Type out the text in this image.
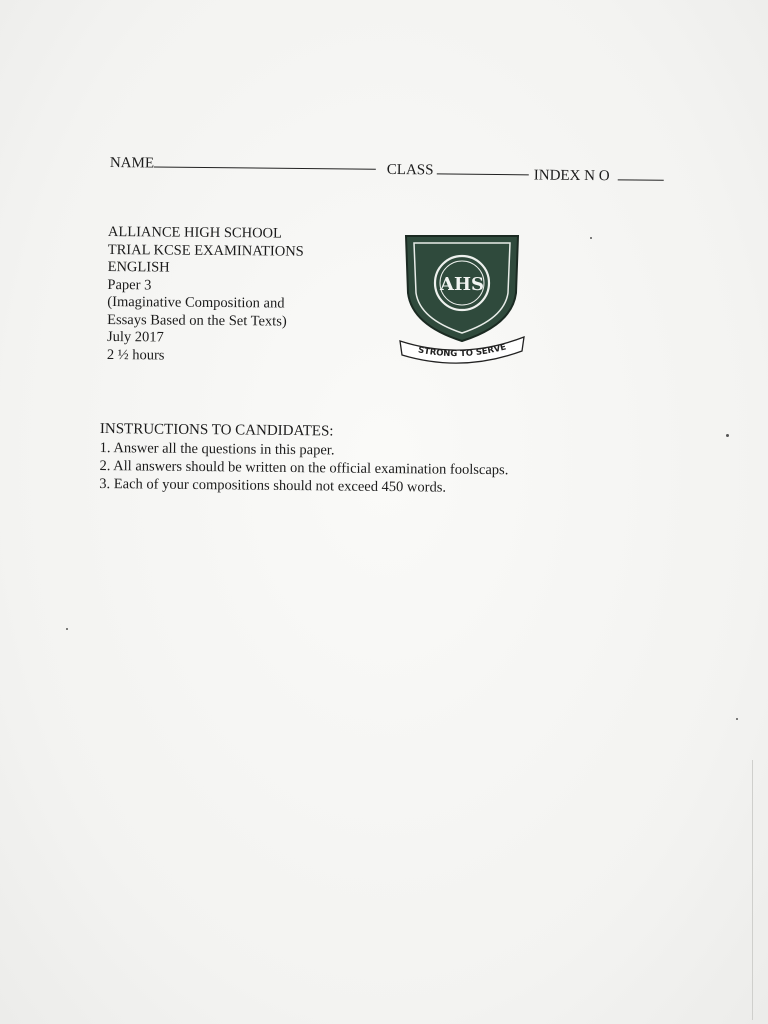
NAME	CLASS	INDEX N O
ALLIANCE HIGH SCHOOL
TRIAL KCSE EXAMINATIONS
ENGLISH
Paper 3
(Imaginative Composition and
Essays Based on the Set Texts)
July 2017
2 ½ hours
AHS
STRONG TO SERVE
INSTRUCTIONS TO CANDIDATES:
1. Answer all the questions in this paper.
2. All answers should be written on the official examination foolscaps.
3. Each of your compositions should not exceed 450 words.
